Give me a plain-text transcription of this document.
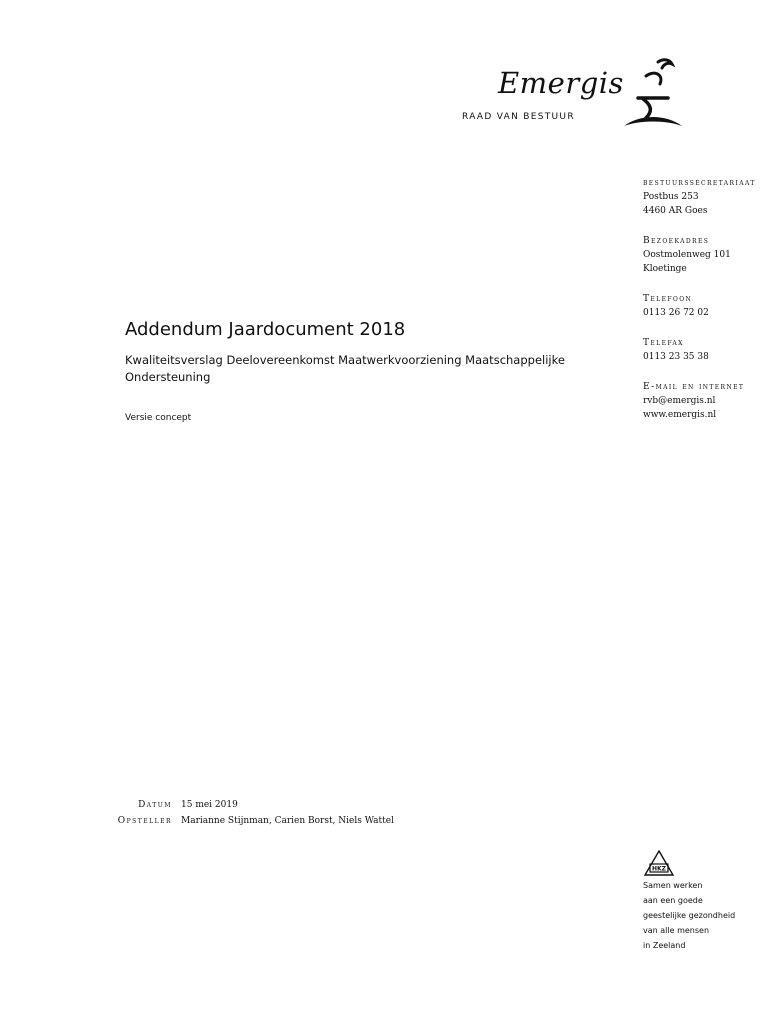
Emergis
RAAD VAN BESTUUR
bestuurssecretariaat
Postbus 253
4460 AR Goes
Bezoekadres
Oostmolenweg 101
Kloetinge
Telefoon
0113 26 72 02
Telefax
0113 23 35 38
E-mail en internet
rvb@emergis.nl
www.emergis.nl
Addendum Jaardocument 2018
Kwaliteitsverslag Deelovereenkomst Maatwerkvoorziening Maatschappelijke Ondersteuning
Versie concept
Datum 15 mei 2019
Opsteller Marianne Stijnman, Carien Borst, Niels Wattel
HKZ
Samen werken
aan een goede
geestelijke gezondheid
van alle mensen
in Zeeland
